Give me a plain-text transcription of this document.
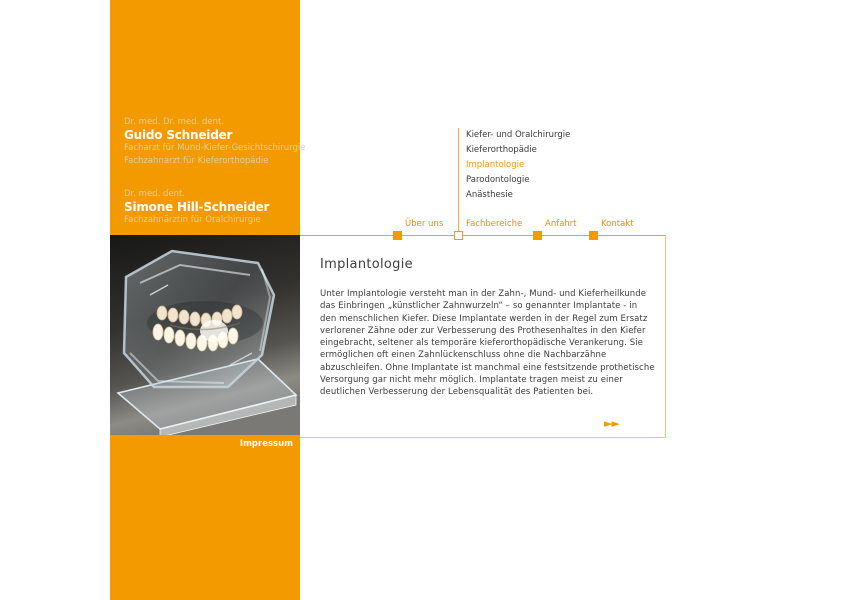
Dr. med. Dr. med. dent.
Guido Schneider
Facharzt für Mund-Kiefer-Gesichtschirurgie
Fachzahnarzt für Kieferorthopädie
Dr. med. dent.
Simone Hill-Schneider
Fachzahnärztin für Oralchirurgie
Impressum
Über uns	Fachbereiche	Anfahrt	Kontakt
Kiefer- und Oralchirurgie
Kieferorthopädie
Implantologie
Parodontologie
Anästhesie
Implantologie
Unter Implantologie versteht man in der Zahn-, Mund- und Kieferheilkunde das Einbringen „künstlicher Zahnwurzeln“ – so genannter Implantate - in den menschlichen Kiefer. Diese Implantate werden in der Regel zum Ersatz verlorener Zähne oder zur Verbesserung des Prothesenhaltes in den Kiefer eingebracht, seltener als temporäre kieferorthopädische Verankerung. Sie ermöglichen oft einen Zahnlückenschluss ohne die Nachbarzähne abzuschleifen. Ohne Implantate ist manchmal eine festsitzende prothetische Versorgung gar nicht mehr möglich. Implantate tragen meist zu einer deutlichen Verbesserung der Lebensqualität des Patienten bei.
►►
